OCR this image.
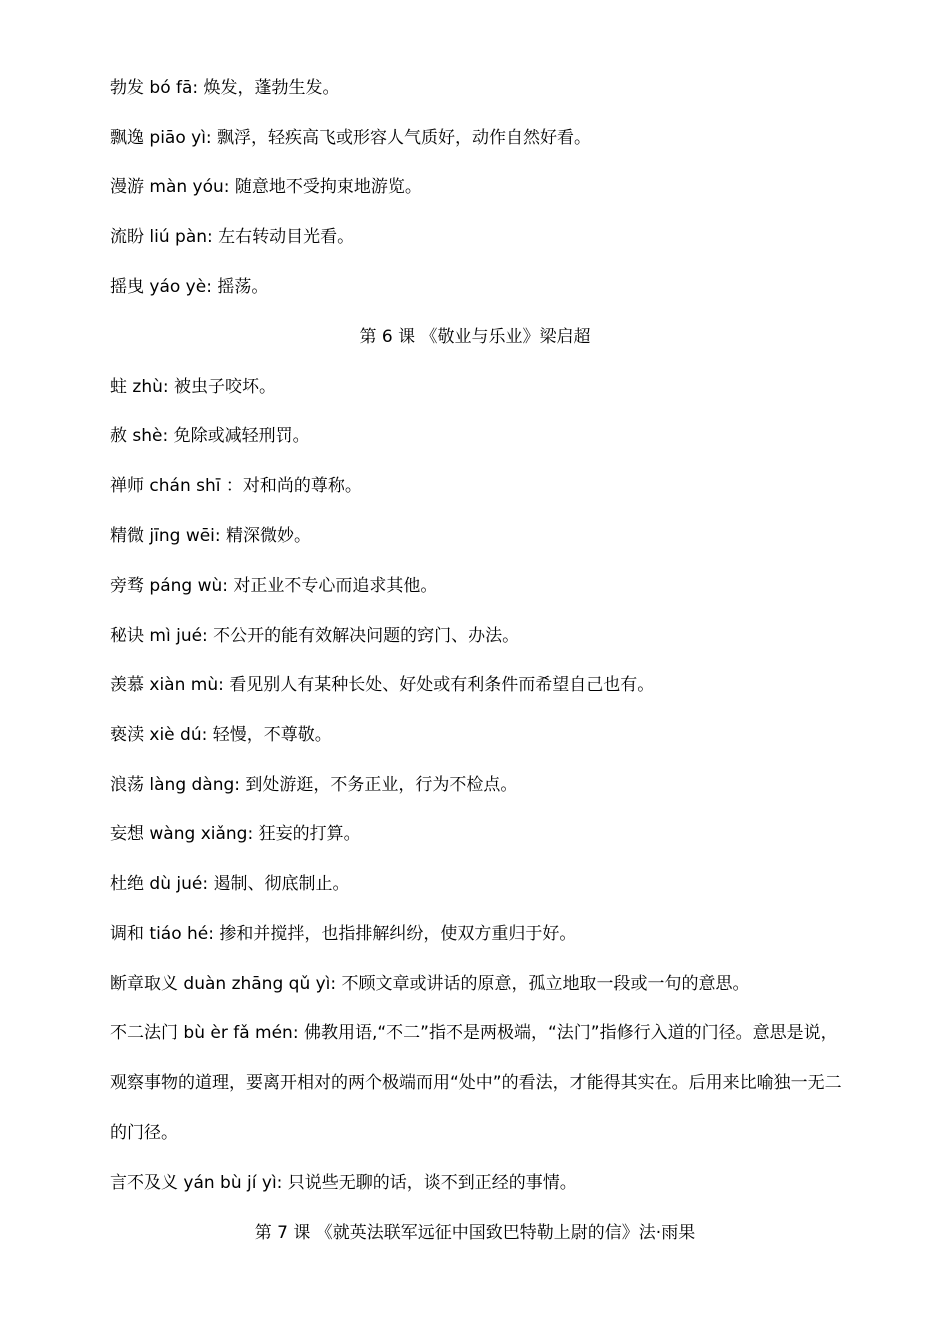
勃发 bó fā: 焕发，蓬勃生发。
飘逸 piāo yì: 飘浮，轻疾高飞或形容人气质好，动作自然好看。
漫游 màn yóu: 随意地不受拘束地游览。
流盼 liú pàn: 左右转动目光看。
摇曳 yáo yè: 摇荡。
第 6 课 《敬业与乐业》梁启超
蛀 zhù: 被虫子咬坏。
赦 shè: 免除或减轻刑罚。
禅师 chán shī ：对和尚的尊称。
精微 jīng wēi: 精深微妙。
旁骛 páng wù: 对正业不专心而追求其他。
秘诀 mì jué: 不公开的能有效解决问题的窍门、办法。
羡慕 xiàn mù: 看见别人有某种长处、好处或有利条件而希望自己也有。
亵渎 xiè dú: 轻慢，不尊敬。
浪荡 làng dàng: 到处游逛，不务正业，行为不检点。
妄想 wàng xiǎng: 狂妄的打算。
杜绝 dù jué: 遏制、彻底制止。
调和 tiáo hé: 掺和并搅拌，也指排解纠纷，使双方重归于好。
断章取义 duàn zhāng qǔ yì: 不顾文章或讲话的原意，孤立地取一段或一句的意思。
不二法门 bù èr fǎ mén: 佛教用语,“不二”指不是两极端，“法门”指修行入道的门径。意思是说，
观察事物的道理，要离开相对的两个极端而用“处中”的看法，才能得其实在。后用来比喻独一无二
的门径。
言不及义 yán bù jí yì: 只说些无聊的话，谈不到正经的事情。
第 7 课 《就英法联军远征中国致巴特勒上尉的信》法·雨果
